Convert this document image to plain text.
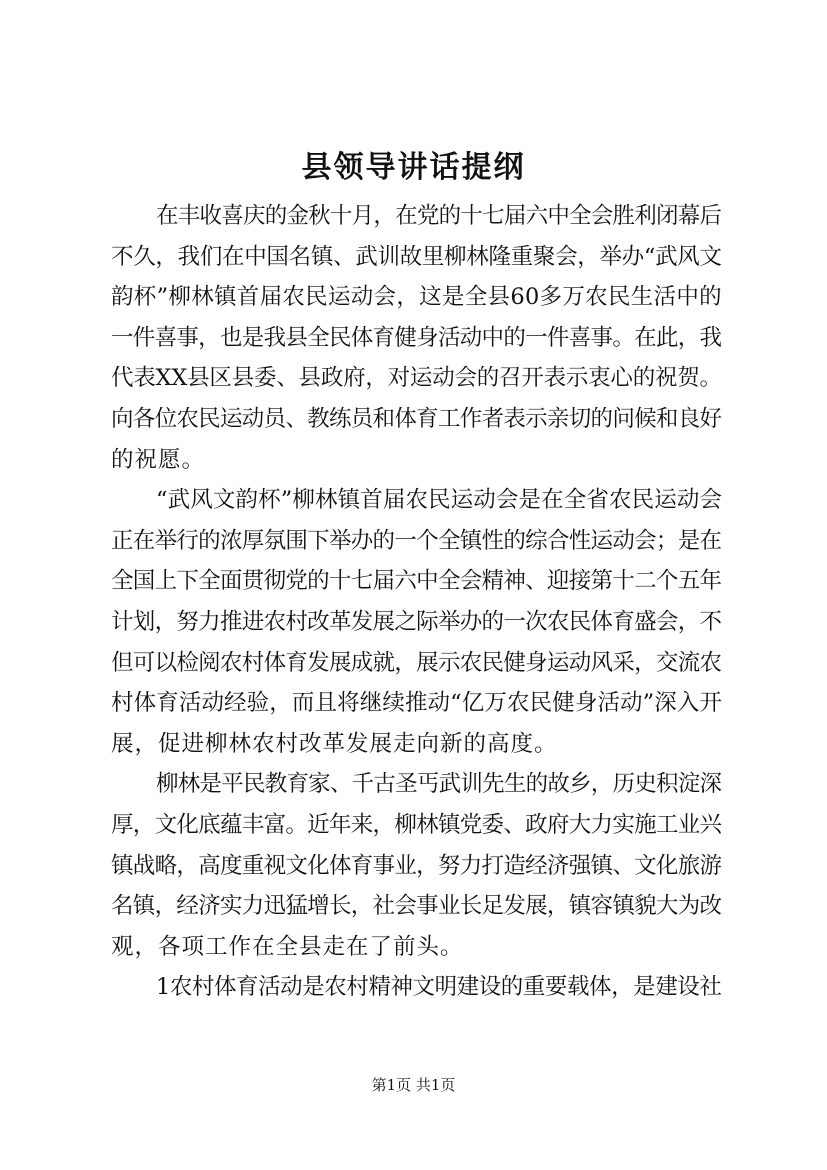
县领导讲话提纲
在丰收喜庆的金秋十月，在党的十七届六中全会胜利闭幕后
不久，我们在中国名镇、武训故里柳林隆重聚会，举办“武风文
韵杯”柳林镇首届农民运动会，这是全县60多万农民生活中的
一件喜事，也是我县全民体育健身活动中的一件喜事。在此，我
代表XX县区县委、县政府，对运动会的召开表示衷心的祝贺。
向各位农民运动员、教练员和体育工作者表示亲切的问候和良好
的祝愿。
“武风文韵杯”柳林镇首届农民运动会是在全省农民运动会
正在举行的浓厚氛围下举办的一个全镇性的综合性运动会；是在
全国上下全面贯彻党的十七届六中全会精神、迎接第十二个五年
计划，努力推进农村改革发展之际举办的一次农民体育盛会，不
但可以检阅农村体育发展成就，展示农民健身运动风采，交流农
村体育活动经验，而且将继续推动“亿万农民健身活动”深入开
展，促进柳林农村改革发展走向新的高度。
柳林是平民教育家、千古圣丐武训先生的故乡，历史积淀深
厚，文化底蕴丰富。近年来，柳林镇党委、政府大力实施工业兴
镇战略，高度重视文化体育事业，努力打造经济强镇、文化旅游
名镇，经济实力迅猛增长，社会事业长足发展，镇容镇貌大为改
观，各项工作在全县走在了前头。
1农村体育活动是农村精神文明建设的重要载体，是建设社
第1页 共1页
